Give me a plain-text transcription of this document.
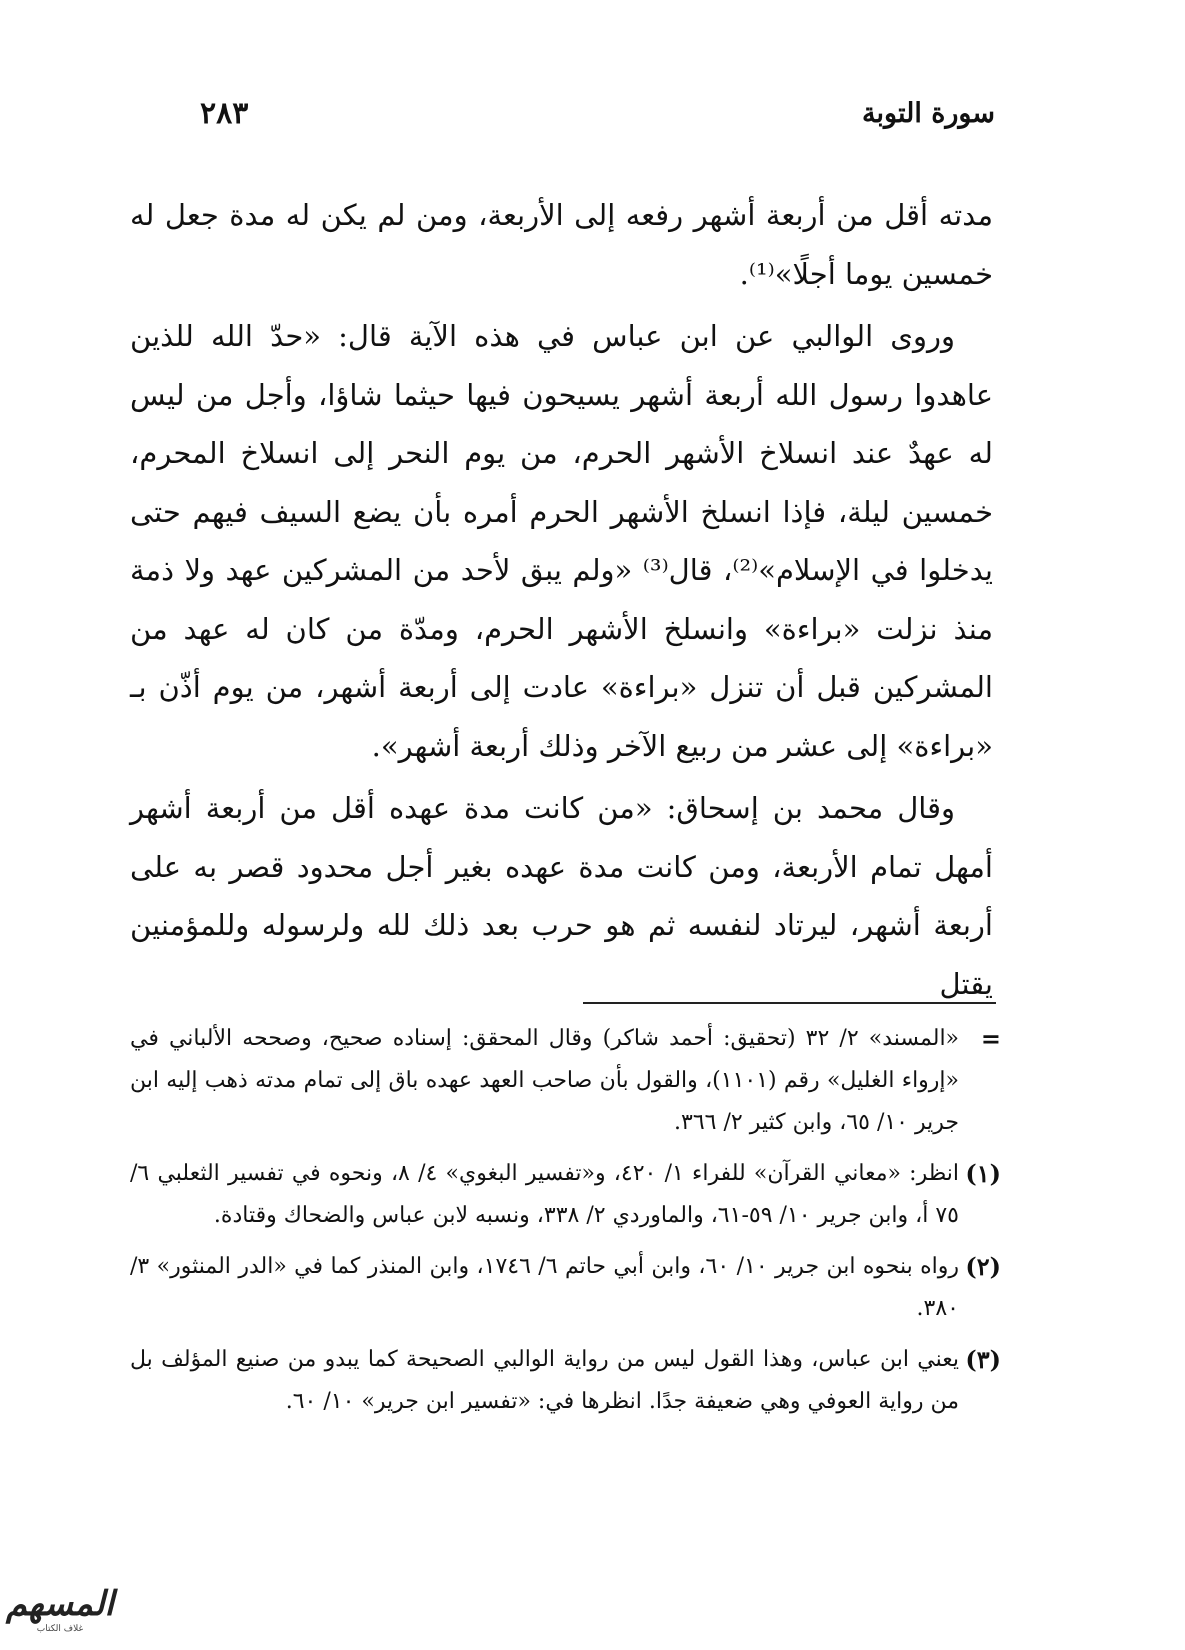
سورة التوبة
٢٨٣

مدته أقل من أربعة أشهر رفعه إلى الأربعة، ومن لم يكن له مدة جعل له خمسين يوما أجلًا»⁽¹⁾.

وروى الوالبي عن ابن عباس في هذه الآية قال: «حدّ الله للذين عاهدوا رسول الله أربعة أشهر يسيحون فيها حيثما شاؤا، وأجل من ليس له عهدٌ عند انسلاخ الأشهر الحرم، من يوم النحر إلى انسلاخ المحرم، خمسين ليلة، فإذا انسلخ الأشهر الحرم أمره بأن يضع السيف فيهم حتى يدخلوا في الإسلام»⁽²⁾، قال⁽³⁾ «ولم يبق لأحد من المشركين عهد ولا ذمة منذ نزلت «براءة» وانسلخ الأشهر الحرم، ومدّة من كان له عهد من المشركين قبل أن تنزل «براءة» عادت إلى أربعة أشهر، من يوم أذّن بـ «براءة» إلى عشر من ربيع الآخر وذلك أربعة أشهر».

وقال محمد بن إسحاق: «من كانت مدة عهده أقل من أربعة أشهر أمهل تمام الأربعة، ومن كانت مدة عهده بغير أجل محدود قصر به على أربعة أشهر، ليرتاد لنفسه ثم هو حرب بعد ذلك لله ولرسوله وللمؤمنين يقتل

=
«المسند» ٢/ ٣٢ (تحقيق: أحمد شاكر) وقال المحقق: إسناده صحيح، وصححه الألباني في «إرواء الغليل» رقم (١١٠١)، والقول بأن صاحب العهد عهده باق إلى تمام مدته ذهب إليه ابن جرير ١٠/ ٦٥، وابن كثير ٢/ ٣٦٦.
(١)
انظر: «معاني القرآن» للفراء ١/ ٤٢٠، و«تفسير البغوي» ٤/ ٨، ونحوه في تفسير الثعلبي ٦/ ٧٥ أ، وابن جرير ١٠/ ٥٩-٦١، والماوردي ٢/ ٣٣٨، ونسبه لابن عباس والضحاك وقتادة.
(٢)
رواه بنحوه ابن جرير ١٠/ ٦٠، وابن أبي حاتم ٦/ ١٧٤٦، وابن المنذر كما في «الدر المنثور» ٣/ ٣٨٠.
(٣)
يعني ابن عباس، وهذا القول ليس من رواية الوالبي الصحيحة كما يبدو من صنيع المؤلف بل من رواية العوفي وهي ضعيفة جدًا. انظرها في: «تفسير ابن جرير» ١٠/ ٦٠.
المسهم
غلاف الكتاب
